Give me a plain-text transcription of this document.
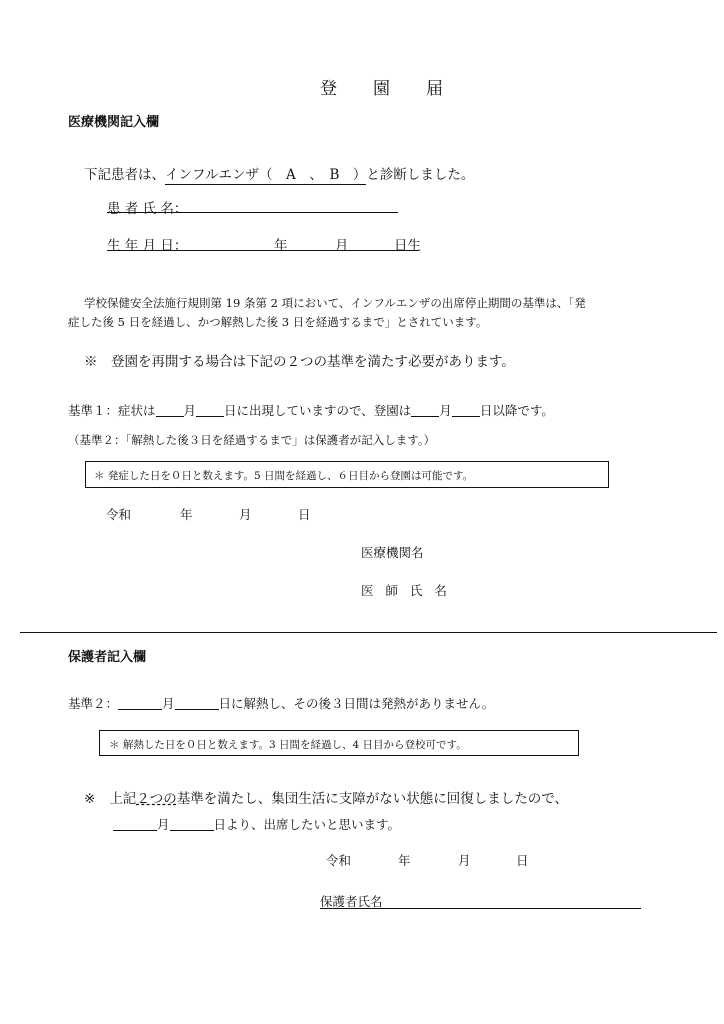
登 園 届
医療機関記入欄
下記患者は、インフルエンザ（　A　、　B　）と診断しました。
患 者 氏 名：
生 年 月 日：	年	月	日生
学校保健安全法施行規則第 19 条第 2 項において、インフルエンザの出席停止期間の基準は、「発
症した後 5 日を経過し、かつ解熱した後 3 日を経過するまで」とされています。
※　登園を再開する場合は下記の２つの基準を満たす必要があります。
基準１：症状は 月 日に出現していますので、登園は 月 日以降です。
（基準２：「解熱した後３日を経過するまで」は保護者が記入します。）
＊ 発症した日を０日と数えます。5 日間を経過し、６日目から登園は可能です。
令和	年	月	日
医療機関名
医 師 氏 名
保護者記入欄
基準２：	月	日に解熱し、その後３日間は発熱がありません。
＊ 解熱した日を０日と数えます。3 日間を経過し、4 日目から登校可です。
※ 上記２つの基準を満たし、集団生活に支障がない状態に回復しましたので、
月	日より、出席したいと思います。
令和	年	月	日
保護者氏名
